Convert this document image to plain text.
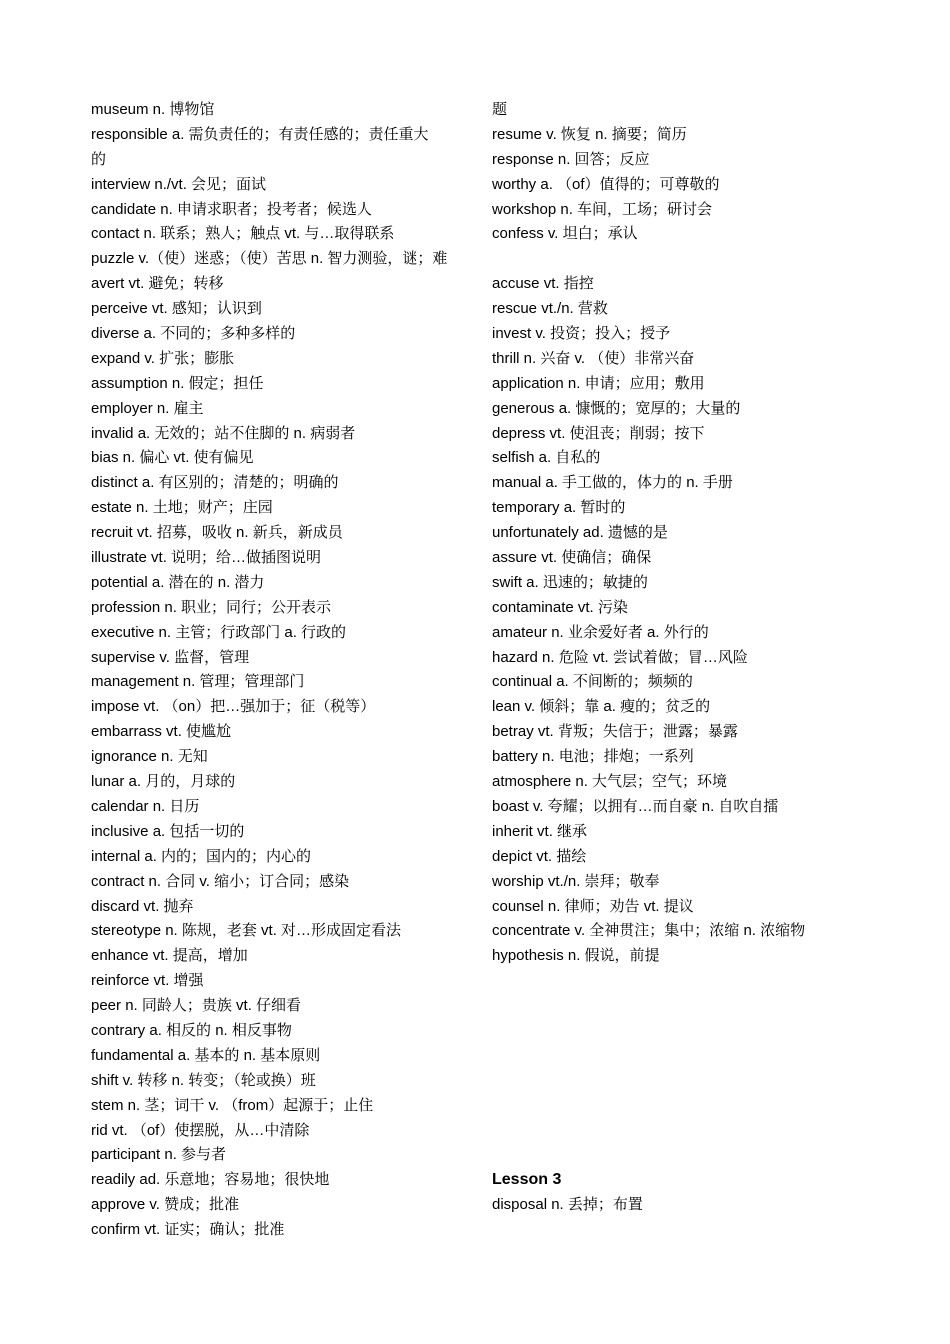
museum n. 博物馆
responsible a. 需负责任的；有责任感的；责任重大
的
interview n./vt. 会见；面试
candidate n. 申请求职者；投考者；候选人
contact n. 联系；熟人；触点 vt. 与…取得联系
puzzle v.（使）迷惑；（使）苦思 n. 智力测验，谜；难
avert vt. 避免；转移
perceive vt. 感知；认识到
diverse a. 不同的；多种多样的
expand v. 扩张；膨胀
assumption n. 假定；担任
employer n. 雇主
invalid a. 无效的；站不住脚的 n. 病弱者
bias n. 偏心 vt. 使有偏见
distinct a. 有区别的；清楚的；明确的
estate n. 土地；财产；庄园
recruit vt. 招募，吸收 n. 新兵，新成员
illustrate vt. 说明；给…做插图说明
potential a. 潜在的 n. 潜力
profession n. 职业；同行；公开表示
executive n. 主管；行政部门 a. 行政的
supervise v. 监督，管理
management n. 管理；管理部门
impose vt. （on）把…强加于；征（税等）
embarrass vt. 使尴尬
ignorance n. 无知
lunar a. 月的，月球的
calendar n. 日历
inclusive a. 包括一切的
internal a. 内的；国内的；内心的
contract n. 合同 v. 缩小；订合同；感染
discard vt. 抛弃
stereotype n. 陈规，老套 vt. 对…形成固定看法
enhance vt. 提高，增加
reinforce vt. 增强
peer n. 同龄人；贵族 vt. 仔细看
contrary a. 相反的 n. 相反事物
fundamental a. 基本的 n. 基本原则
shift v. 转移 n. 转变；（轮或换）班
stem n. 茎；词干 v. （from）起源于；止住
rid vt. （of）使摆脱，从…中清除
participant n. 参与者
readily ad. 乐意地；容易地；很快地
approve v. 赞成；批准
confirm vt. 证实；确认；批准
题
resume v. 恢复 n. 摘要；简历
response n. 回答；反应
worthy a. （of）值得的；可尊敬的
workshop n. 车间，工场；研讨会
confess v. 坦白；承认
accuse vt. 指控
rescue vt./n. 营救
invest v. 投资；投入；授予
thrill n. 兴奋 v. （使）非常兴奋
application n. 申请；应用；敷用
generous a. 慷慨的；宽厚的；大量的
depress vt. 使沮丧；削弱；按下
selfish a. 自私的
manual a. 手工做的，体力的 n. 手册
temporary a. 暂时的
unfortunately ad. 遗憾的是
assure vt. 使确信；确保
swift a. 迅速的；敏捷的
contaminate vt. 污染
amateur n. 业余爱好者 a. 外行的
hazard n. 危险 vt. 尝试着做；冒…风险
continual a. 不间断的；频频的
lean v. 倾斜；靠 a. 瘦的；贫乏的
betray vt. 背叛；失信于；泄露；暴露
battery n. 电池；排炮；一系列
atmosphere n. 大气层；空气；环境
boast v. 夸耀；以拥有…而自豪 n. 自吹自擂
inherit vt. 继承
depict vt. 描绘
worship vt./n. 崇拜；敬奉
counsel n. 律师；劝告 vt. 提议
concentrate v. 全神贯注；集中；浓缩 n. 浓缩物
hypothesis n. 假说，前提
Lesson 3
disposal n. 丢掉；布置
